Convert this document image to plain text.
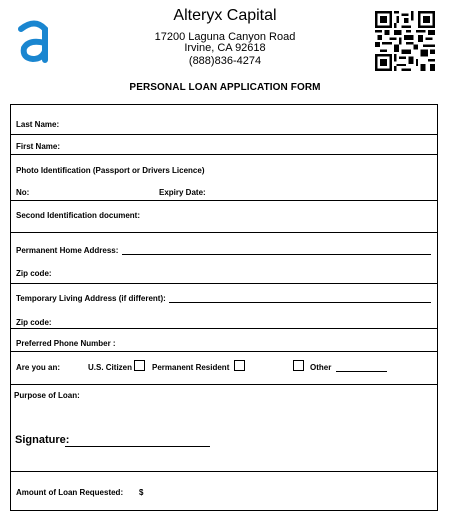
Alteryx Capital
17200 Laguna Canyon Road
Irvine, CA 92618
(888)836-4274
PERSONAL LOAN APPLICATION FORM
Last Name:
First Name:
Photo Identification (Passport or Drivers Licence)
No:	Expiry Date:
Second Identification document:
Permanent Home Address:
Zip code:
Temporary Living Address (if different):
Zip code:
Preferred Phone Number :
Are you an:	U.S. Citizen Permanent Resident	Other
Purpose of Loan:
Signature:
Amount of Loan Requested: $
